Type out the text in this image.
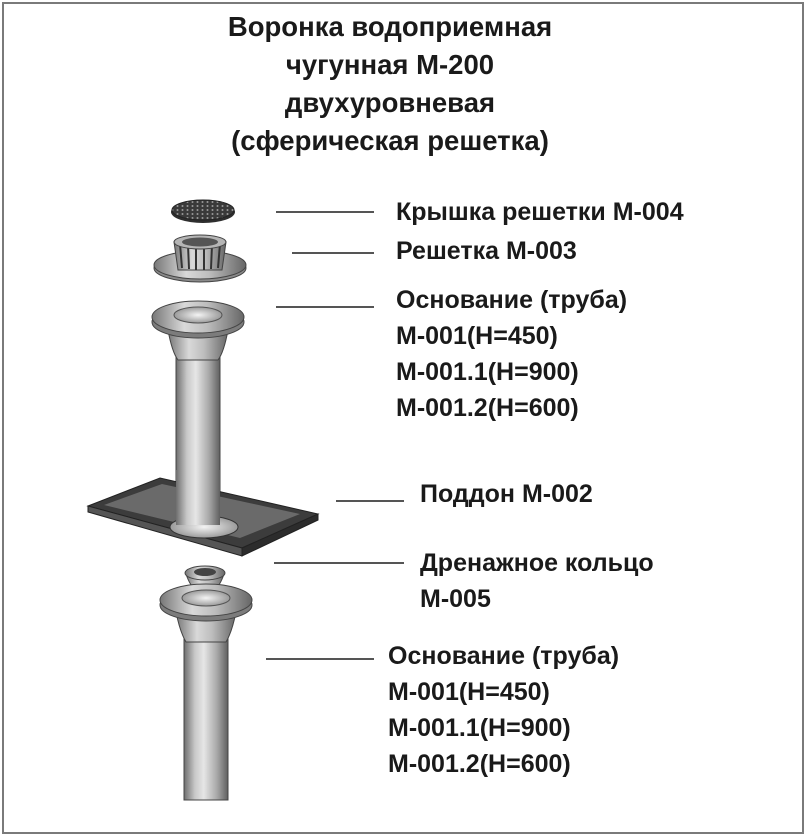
Воронка водоприемная
чугунная М-200
двухуровневая
(сферическая решетка)
Крышка решетки М-004
Решетка М-003
Основание (труба)
М-001(Н=450)
М-001.1(Н=900)
М-001.2(Н=600)
Поддон М-002
Дренажное кольцо
М-005
Основание (труба)
М-001(Н=450)
М-001.1(Н=900)
М-001.2(Н=600)
